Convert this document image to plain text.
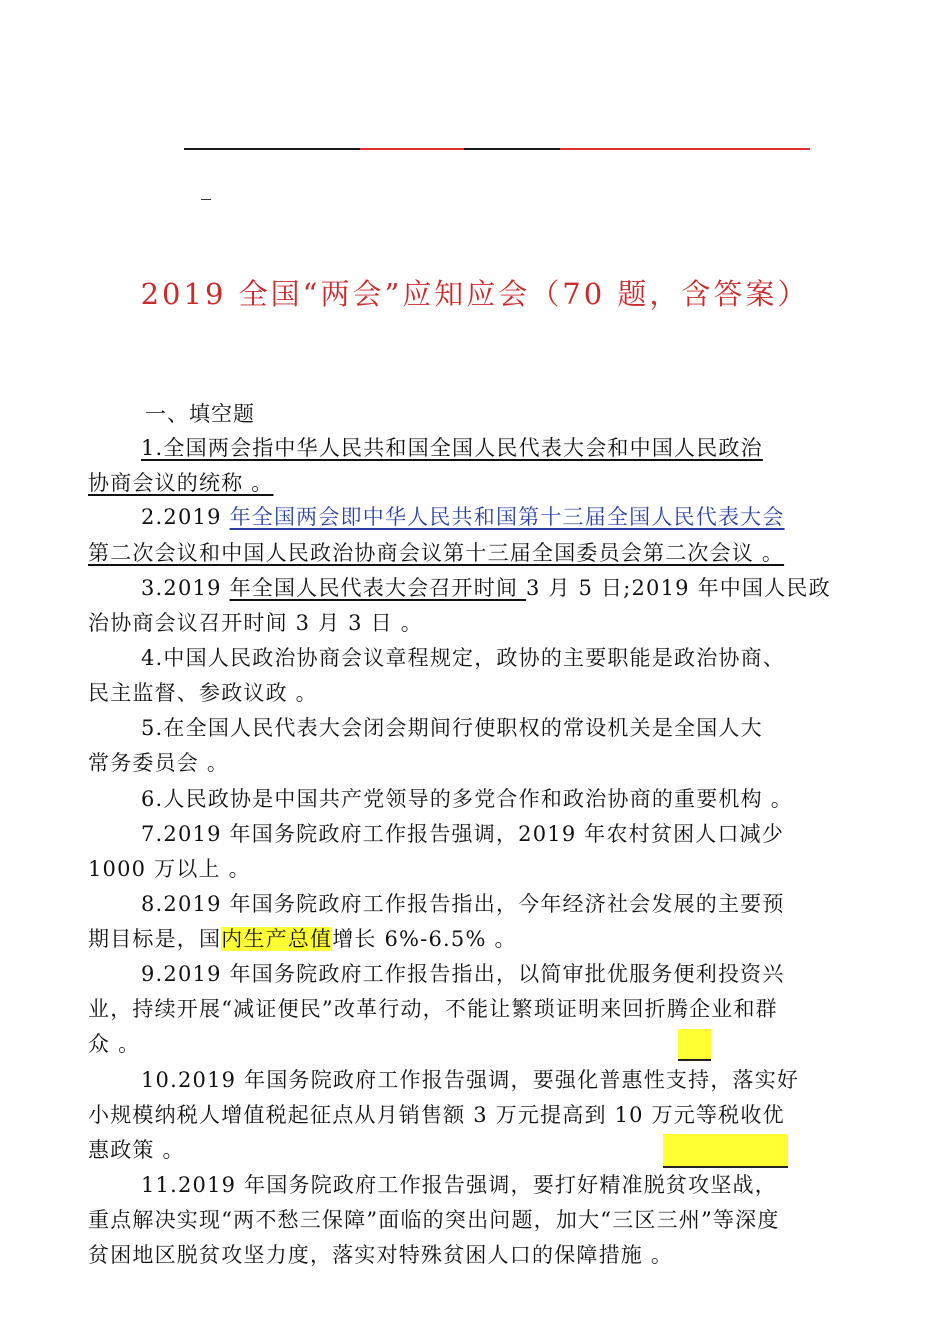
2019 全国“两会”应知应会（70 题，含答案）
一、填空题
1.全国两会指中华人民共和国全国人民代表大会和中国人民政治
协商会议的统称 。
2.2019 年全国两会即中华人民共和国第十三届全国人民代表大会
第二次会议和中国人民政治协商会议第十三届全国委员会第二次会议 。
3.2019 年全国人民代表大会召开时间 3 月 5 日;2019 年中国人民政
治协商会议召开时间 3 月 3 日 。
4.中国人民政治协商会议章程规定，政协的主要职能是政治协商、
民主监督、参政议政 。
5.在全国人民代表大会闭会期间行使职权的常设机关是全国人大
常务委员会 。
6.人民政协是中国共产党领导的多党合作和政治协商的重要机构 。
7.2019 年国务院政府工作报告强调，2019 年农村贫困人口减少
1000 万以上 。
8.2019 年国务院政府工作报告指出，今年经济社会发展的主要预
期目标是，国内生产总值增长 6%-6.5% 。
9.2019 年国务院政府工作报告指出，以简审批优服务便利投资兴
业，持续开展“减证便民”改革行动，不能让繁琐证明来回折腾企业和群
众 。
10.2019 年国务院政府工作报告强调，要强化普惠性支持，落实好
小规模纳税人增值税起征点从月销售额 3 万元提高到 10 万元等税收优
惠政策 。
11.2019 年国务院政府工作报告强调，要打好精准脱贫攻坚战，
重点解决实现“两不愁三保障”面临的突出问题，加大“三区三州”等深度
贫困地区脱贫攻坚力度，落实对特殊贫困人口的保障措施 。
